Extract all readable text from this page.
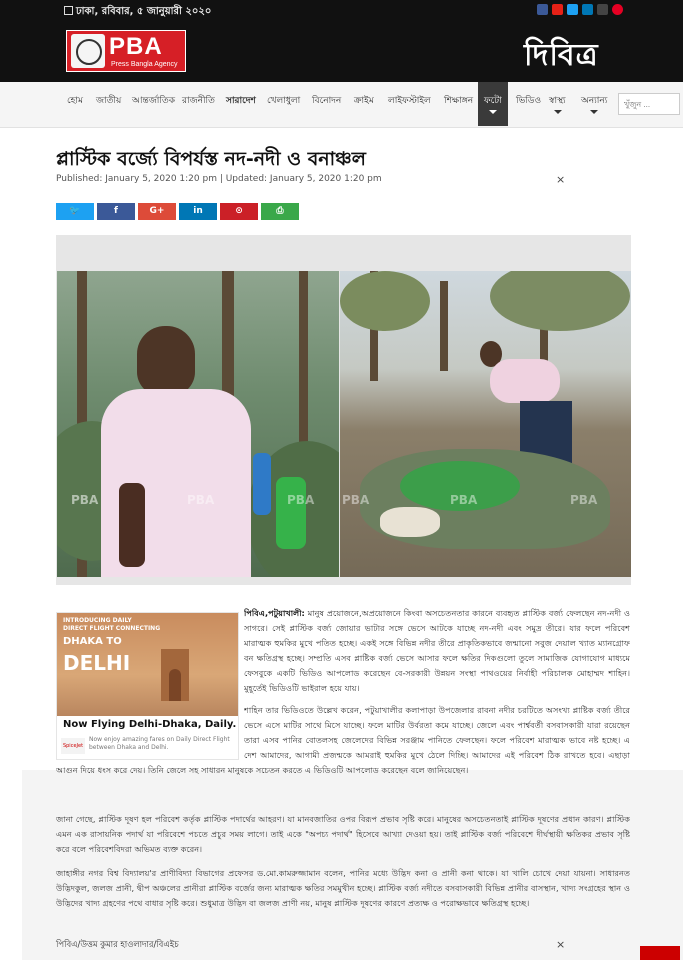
ঢাকা, রবিবার, ৫ জানুয়ারী ২০২০
PBA
Press Bangla Agency	দিবিত্র
হোম জাতীয় আন্তর্জাতিক রাজনীতি সারাদেশ খেলাধুলা বিনোদন ক্রাইম লাইফস্টাইল শিক্ষাঙ্গন ফটো ভিডিও স্বাস্থ্য অন্যান্য
খুঁজুন ...
প্লাস্টিক বর্জ্যে বিপর্যস্ত নদ-নদী ও বনাঞ্চল
Published: January 5, 2020 1:20 pm | Updated: January 5, 2020 1:20 pm	×
🐦	f	G+	in	⊙	⎙
PBA	PBA	PBA PBA	PBA	PBA
INTRODUCING DAILY
DIRECT FLIGHT CONNECTING
DHAKA TO
DELHI
Now Flying Delhi-Dhaka, Daily.
SpiceJet
Now enjoy amazing fares on Daily Direct Flight between Dhaka and Delhi.
পিবিএ,পটুয়াখালী: মানুষ প্রয়োজনে,অপ্রয়োজনে কিংবা অসচেতনতার কারনে ব্যবহৃত প্লাস্টিক বর্জ্য ফেলছেন নদ-নদী ও সাগরে। সেই প্লাস্টিক বর্জ্য জোয়ার ভাটার সঙ্গে ভেসে আটকে যাচ্ছে নদ-নদী এবং সমুদ্র তীরে। যার ফলে পরিবেশ মারাত্মক হুমকির মুখে পতিত হচ্ছে। একই সঙ্গে বিভিন্ন নদীর তীরে প্রাকৃতিকভাবে জন্মানো সবুজ দেয়াল খ্যাত ম্যানগ্রোফ বন ক্ষতিগ্রস্থ হচ্ছে। সম্প্রতি এসব প্লাষ্টিক বর্জ্য ভেসে আসার ফলে ক্ষতির দিকগুলো তুলে সামাজিক যোগাযোগ মাধ্যমে ফেসবুকে একটি ভিডিও আপলোড করেছেন বে-সরকারী উন্নয়ন সংস্থা পাথওয়ের নির্বাহী পরিচালক মোহাম্মদ শাহিন। মুহূর্তেই ভিডিওটি ভাইরাল হয়ে যায়।
শাহিন তার ভিডিওতে উল্লেখ করেন, পটুয়াখালীর কলাপাড়া উপজেলার রাবনা নদীর চরটিতে অসংখ্য প্লাষ্টিক বর্জ্য তীরে ভেসে এসে মাটির সাথে মিসে যাচ্ছে। ফলে মাটির উর্বরতা কমে যাচ্ছে। জেলে এবং পার্শ্ববর্তী বসবাসকারী যারা রয়েছেন তারা এসব পানির বোতলসহ জেলেদের বিভিন্ন সরঞ্জাম পানিতে ফেলছেন। ফলে পরিবেশ মারাত্মক ভাবে নষ্ট হচ্ছে। এ দেশ আমাদের, আগামী প্রজন্মকে আমরাই হুমকির মুখে ঠেলে দিচ্ছি। আমাদের এই পরিবেশ ঠিক রাখতে হবে। এছাড়া
আগুন দিয়ে ধংস করে দেয়। তিনি জেলে সহ সাধারন মানুষকে সচেতন করতে এ ভিডিওটি আপলোড করেছেন বলে জানিয়েছেন।
জানা গেছে, প্লাস্টিক দূষণ হল পরিবেশ কর্তৃক প্লাস্টিক পদার্থের আহরণ। যা মানবজাতির ওপর বিরূপ প্রভাব সৃষ্টি করে। মানুষের অসচেতনতাই প্লাস্টিক দূষণের প্রধান কারণ। প্লাস্টিক এমন এক রাসায়নিক পদার্থ যা পরিবেশে পচতে প্রচুর সময় লাগে। তাই একে "অপচ্য পদার্থ" হিসেবে আখ্যা দেওয়া হয়। তাই প্লাস্টিক বর্জ্য পরিবেশে দীর্ঘস্থায়ী ক্ষতিকর প্রভাব সৃষ্টি করে বলে পরিবেশবিদরা অভিমত ব্যক্ত করেন।
জাহাঙ্গীর নগর বিশ্ব বিদ্যালয়'র প্রাণীবিদ্যা বিভাগের প্রফেসর ড.মো.কামরুজ্জামান বলেন, পানির মধ্যে উদ্ভিদ কনা ও প্রানী কনা থাকে। যা খালি চোখে দেয়া যায়না। সাধারনত উদ্ভিদকুল, জলজ প্রানী, দ্বীপ অঞ্চলের প্রানীরা প্লাস্টিক বর্জের জন্য মারাত্মক ক্ষতির সমমুখীন হচ্ছে। প্লাস্টিক বর্জ্য নদীতে বসবাসকারী বিভিন্ন প্রানীর বাসস্থান, খাদ্য সংগ্রহের স্থান ও উদ্ভিদের খাদ্য গ্রহণের পথে বাধার সৃষ্টি করে। শুধুমাত্র উদ্ভিদ বা জলজ প্রাণী নয়, মানুষ প্লাস্টিক দূষণের কারণে প্রত্যক্ষ ও পরোক্ষভাবে ক্ষতিগ্রস্থ হচ্ছে।
পিবিএ/উত্তম কুমার হাওলাদার/বিএইচ	×
